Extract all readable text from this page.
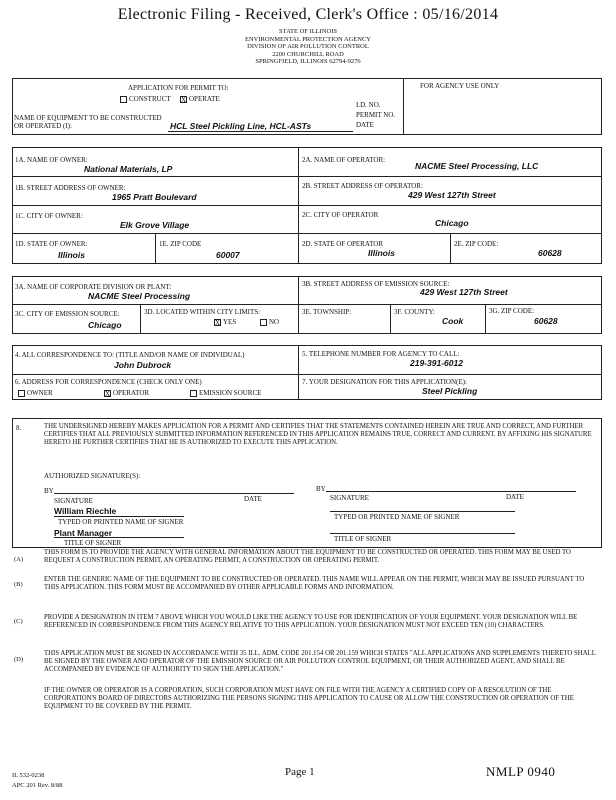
Electronic Filing - Received, Clerk's Office : 05/16/2014
STATE OF ILLINOIS
ENVIRONMENTAL PROTECTION AGENCY
DIVISION OF AIR POLLUTION CONTROL
2200 CHURCHILL ROAD
SPRINGFIELD, ILLINOIS 62794-9276
APPLICATION FOR PERMIT TO:
CONSTRUCT X OPERATE
NAME OF EQUIPMENT TO BE CONSTRUCTED OR OPERATED (I):	HCL Steel Pickling Line, HCL-ASTs
FOR AGENCY USE ONLY
I.D. NO.
PERMIT NO.
DATE
1A. NAME OF OWNER:
National Materials, LP
2A. NAME OF OPERATOR:
NACME Steel Processing, LLC
1B. STREET ADDRESS OF OWNER:
1965 Pratt Boulevard
2B. STREET ADDRESS OF OPERATOR:
429 West 127th Street
1C. CITY OF OWNER:
Elk Grove Village
2C. CITY OF OPERATOR
Chicago
1D. STATE OF OWNER:
Illinois
1E. ZIP CODE
60007
2D. STATE OF OPERATOR
Illinois
2E. ZIP CODE:
60628
3A. NAME OF CORPORATE DIVISION OR PLANT:
NACME Steel Processing
3B. STREET ADDRESS OF EMISSION SOURCE:
429 West 127th Street
3C. CITY OF EMISSION SOURCE:
Chicago
3D. LOCATED WITHIN CITY LIMITS:
X YES	NO
3E. TOWNSHIP:	3F. COUNTY:
Cook
3G. ZIP CODE:
60628
4. ALL CORRESPONDENCE TO: (TITLE AND/OR NAME OF INDIVIDUAL)
John Dubrock
5. TELEPHONE NUMBER FOR AGENCY TO CALL:
219-391-6012
6. ADDRESS FOR CORRESPONDENCE (CHECK ONLY ONE)
OWNER	X OPERATOR	EMISSION SOURCE
7. YOUR DESIGNATION FOR THIS APPLICATION(E):
Steel Pickling
8.	THE UNDERSIGNED HEREBY MAKES APPLICATION FOR A PERMIT AND CERTIFIES THAT THE STATEMENTS CONTAINED HEREIN ARE TRUE AND CORRECT, AND FURTHER CERTIFIES THAT ALL PREVIOUSLY SUBMITTED INFORMATION REFERENCED IN THIS APPLICATION REMAINS TRUE, CORRECT AND CURRENT. BY AFFIXING HIS SIGNATURE HERETO HE FURTHER CERTIFIES THAT HE IS AUTHORIZED TO EXECUTE THIS APPLICATION.
AUTHORIZED SIGNATURE(S):
BY	BY
SIGNATURE	DATE	SIGNATURE	DATE
William Riechle
TYPED OR PRINTED NAME OF SIGNER
TYPED OR PRINTED NAME OF SIGNER
Plant Manager
TITLE OF SIGNER	TITLE OF SIGNER
(A)
THIS FORM IS TO PROVIDE THE AGENCY WITH GENERAL INFORMATION ABOUT THE EQUIPMENT TO BE CONSTRUCTED OR OPERATED. THIS FORM MAY BE USED TO REQUEST A CONSTRUCTION PERMIT, AN OPERATING PERMIT, A CONSTRUCTION OR OPERATING PERMIT.
(B)
ENTER THE GENERIC NAME OF THE EQUIPMENT TO BE CONSTRUCTED OR OPERATED. THIS NAME WILL APPEAR ON THE PERMIT, WHICH MAY BE ISSUED PURSUANT TO THIS APPLICATION. THIS FORM MUST BE ACCOMPANIED BY OTHER APPLICABLE FORMS AND INFORMATION.
(C)
PROVIDE A DESIGNATION IN ITEM 7 ABOVE WHICH YOU WOULD LIKE THE AGENCY TO USE FOR IDENTIFICATION OF YOUR EQUIPMENT. YOUR DESIGNATION WILL BE REFERENCED IN CORRESPONDENCE FROM THIS AGENCY RELATIVE TO THIS APPLICATION. YOUR DESIGNATION MUST NOT EXCEED TEN (10) CHARACTERS.
(D)
THIS APPLICATION MUST BE SIGNED IN ACCORDANCE WITH 35 ILL. ADM. CODE 201.154 OR 201.159 WHICH STATES "ALL APPLICATIONS AND SUPPLEMENTS THERETO SHALL BE SIGNED BY THE OWNER AND OPERATOR OF THE EMISSION SOURCE OR AIR POLLUTION CONTROL EQUIPMENT, OR THEIR AUTHORIZED AGENT, AND SHALL BE ACCOMPANIED BY EVIDENCE OF AUTHORITY TO SIGN THE APPLICATION."
IF THE OWNER OR OPERATOR IS A CORPORATION, SUCH CORPORATION MUST HAVE ON FILE WITH THE AGENCY A CERTIFIED COPY OF A RESOLUTION OF THE CORPORATION'S BOARD OF DIRECTORS AUTHORIZING THE PERSONS SIGNING THIS APPLICATION TO CAUSE OR ALLOW THE CONSTRUCTION OR OPERATION OF THE EQUIPMENT TO BE COVERED BY THE PERMIT.
IL 532-0238
APC 201 Rev. 8/88
Page 1	NMLP 0940
